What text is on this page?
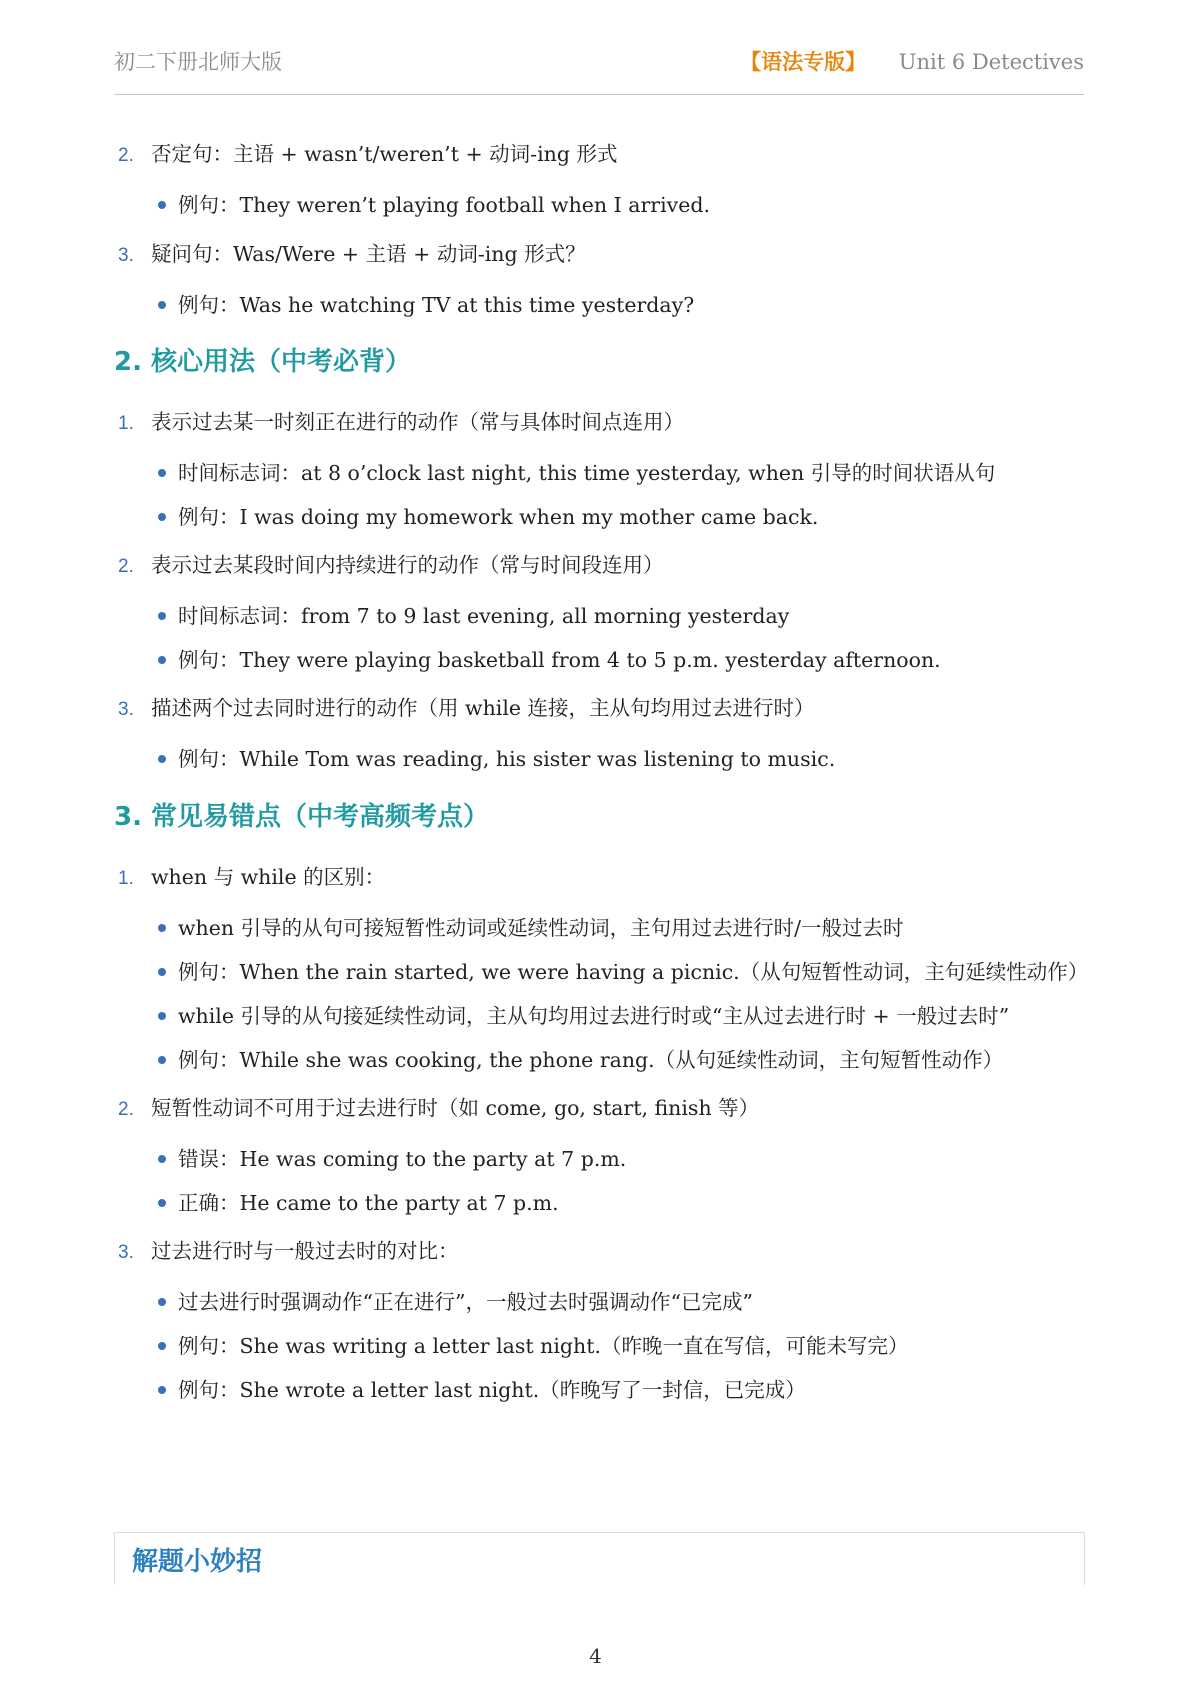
初二下册北师大版	【语法专版】 Unit 6 Detectives
2. 否定句：主语 + wasn’t/weren’t + 动词-ing 形式
例句：They weren’t playing football when I arrived.
3. 疑问句：Was/Were + 主语 + 动词-ing 形式？
例句：Was he watching TV at this time yesterday?
2. 核心用法（中考必背）
1. 表示过去某一时刻正在进行的动作（常与具体时间点连用）
时间标志词：at 8 o’clock last night, this time yesterday, when 引导的时间状语从句
例句：I was doing my homework when my mother came back.
2. 表示过去某段时间内持续进行的动作（常与时间段连用）
时间标志词：from 7 to 9 last evening, all morning yesterday
例句：They were playing basketball from 4 to 5 p.m. yesterday afternoon.
3. 描述两个过去同时进行的动作（用 while 连接，主从句均用过去进行时）
例句：While Tom was reading, his sister was listening to music.
3. 常见易错点（中考高频考点）
1. when 与 while 的区别：
when 引导的从句可接短暂性动词或延续性动词，主句用过去进行时/一般过去时
例句：When the rain started, we were having a picnic.（从句短暂性动词，主句延续性动作）
while 引导的从句接延续性动词，主从句均用过去进行时或“主从过去进行时 + 一般过去时”
例句：While she was cooking, the phone rang.（从句延续性动词，主句短暂性动作）
2. 短暂性动词不可用于过去进行时（如 come, go, start, finish 等）
错误：He was coming to the party at 7 p.m.
正确：He came to the party at 7 p.m.
3. 过去进行时与一般过去时的对比：
过去进行时强调动作“正在进行”，一般过去时强调动作“已完成”
例句：She was writing a letter last night.（昨晚一直在写信，可能未写完）
例句：She wrote a letter last night.（昨晚写了一封信，已完成）
解题小妙招
4
